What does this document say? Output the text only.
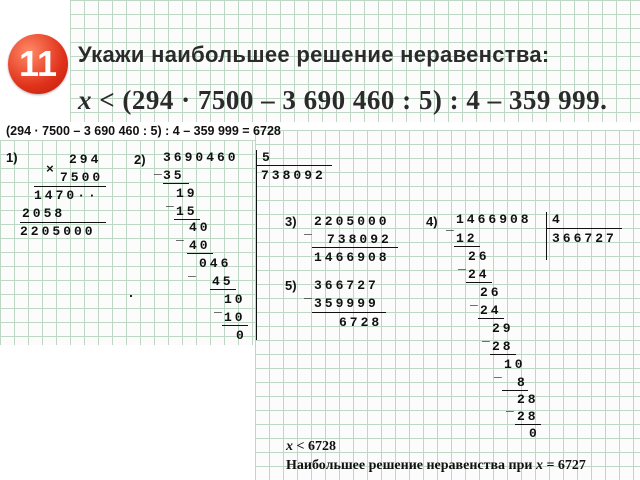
11 Укажи наибольшее решение неравенства:
x < (294 · 7500 – 3 690 460 : 5) : 4 – 359 999.
(294 · 7500 – 3 690 460 : 5) : 4 – 359 999 = 6728
1)
×
294
7500
1470··
2058
2205000
2) 3690460 5
738092
_
35
19
_
15
40
_
40
046
_
45
10
_
10
0
3)
_
2205000
738092
1466908
5)
_
366727
359999
6728
4) _ 1466908 4
366727
12
26
_
24
26
_
24
29
_
28
10
_
8
28
_
28
0
x < 6728
Наибольшее решение неравенства при x = 6727
